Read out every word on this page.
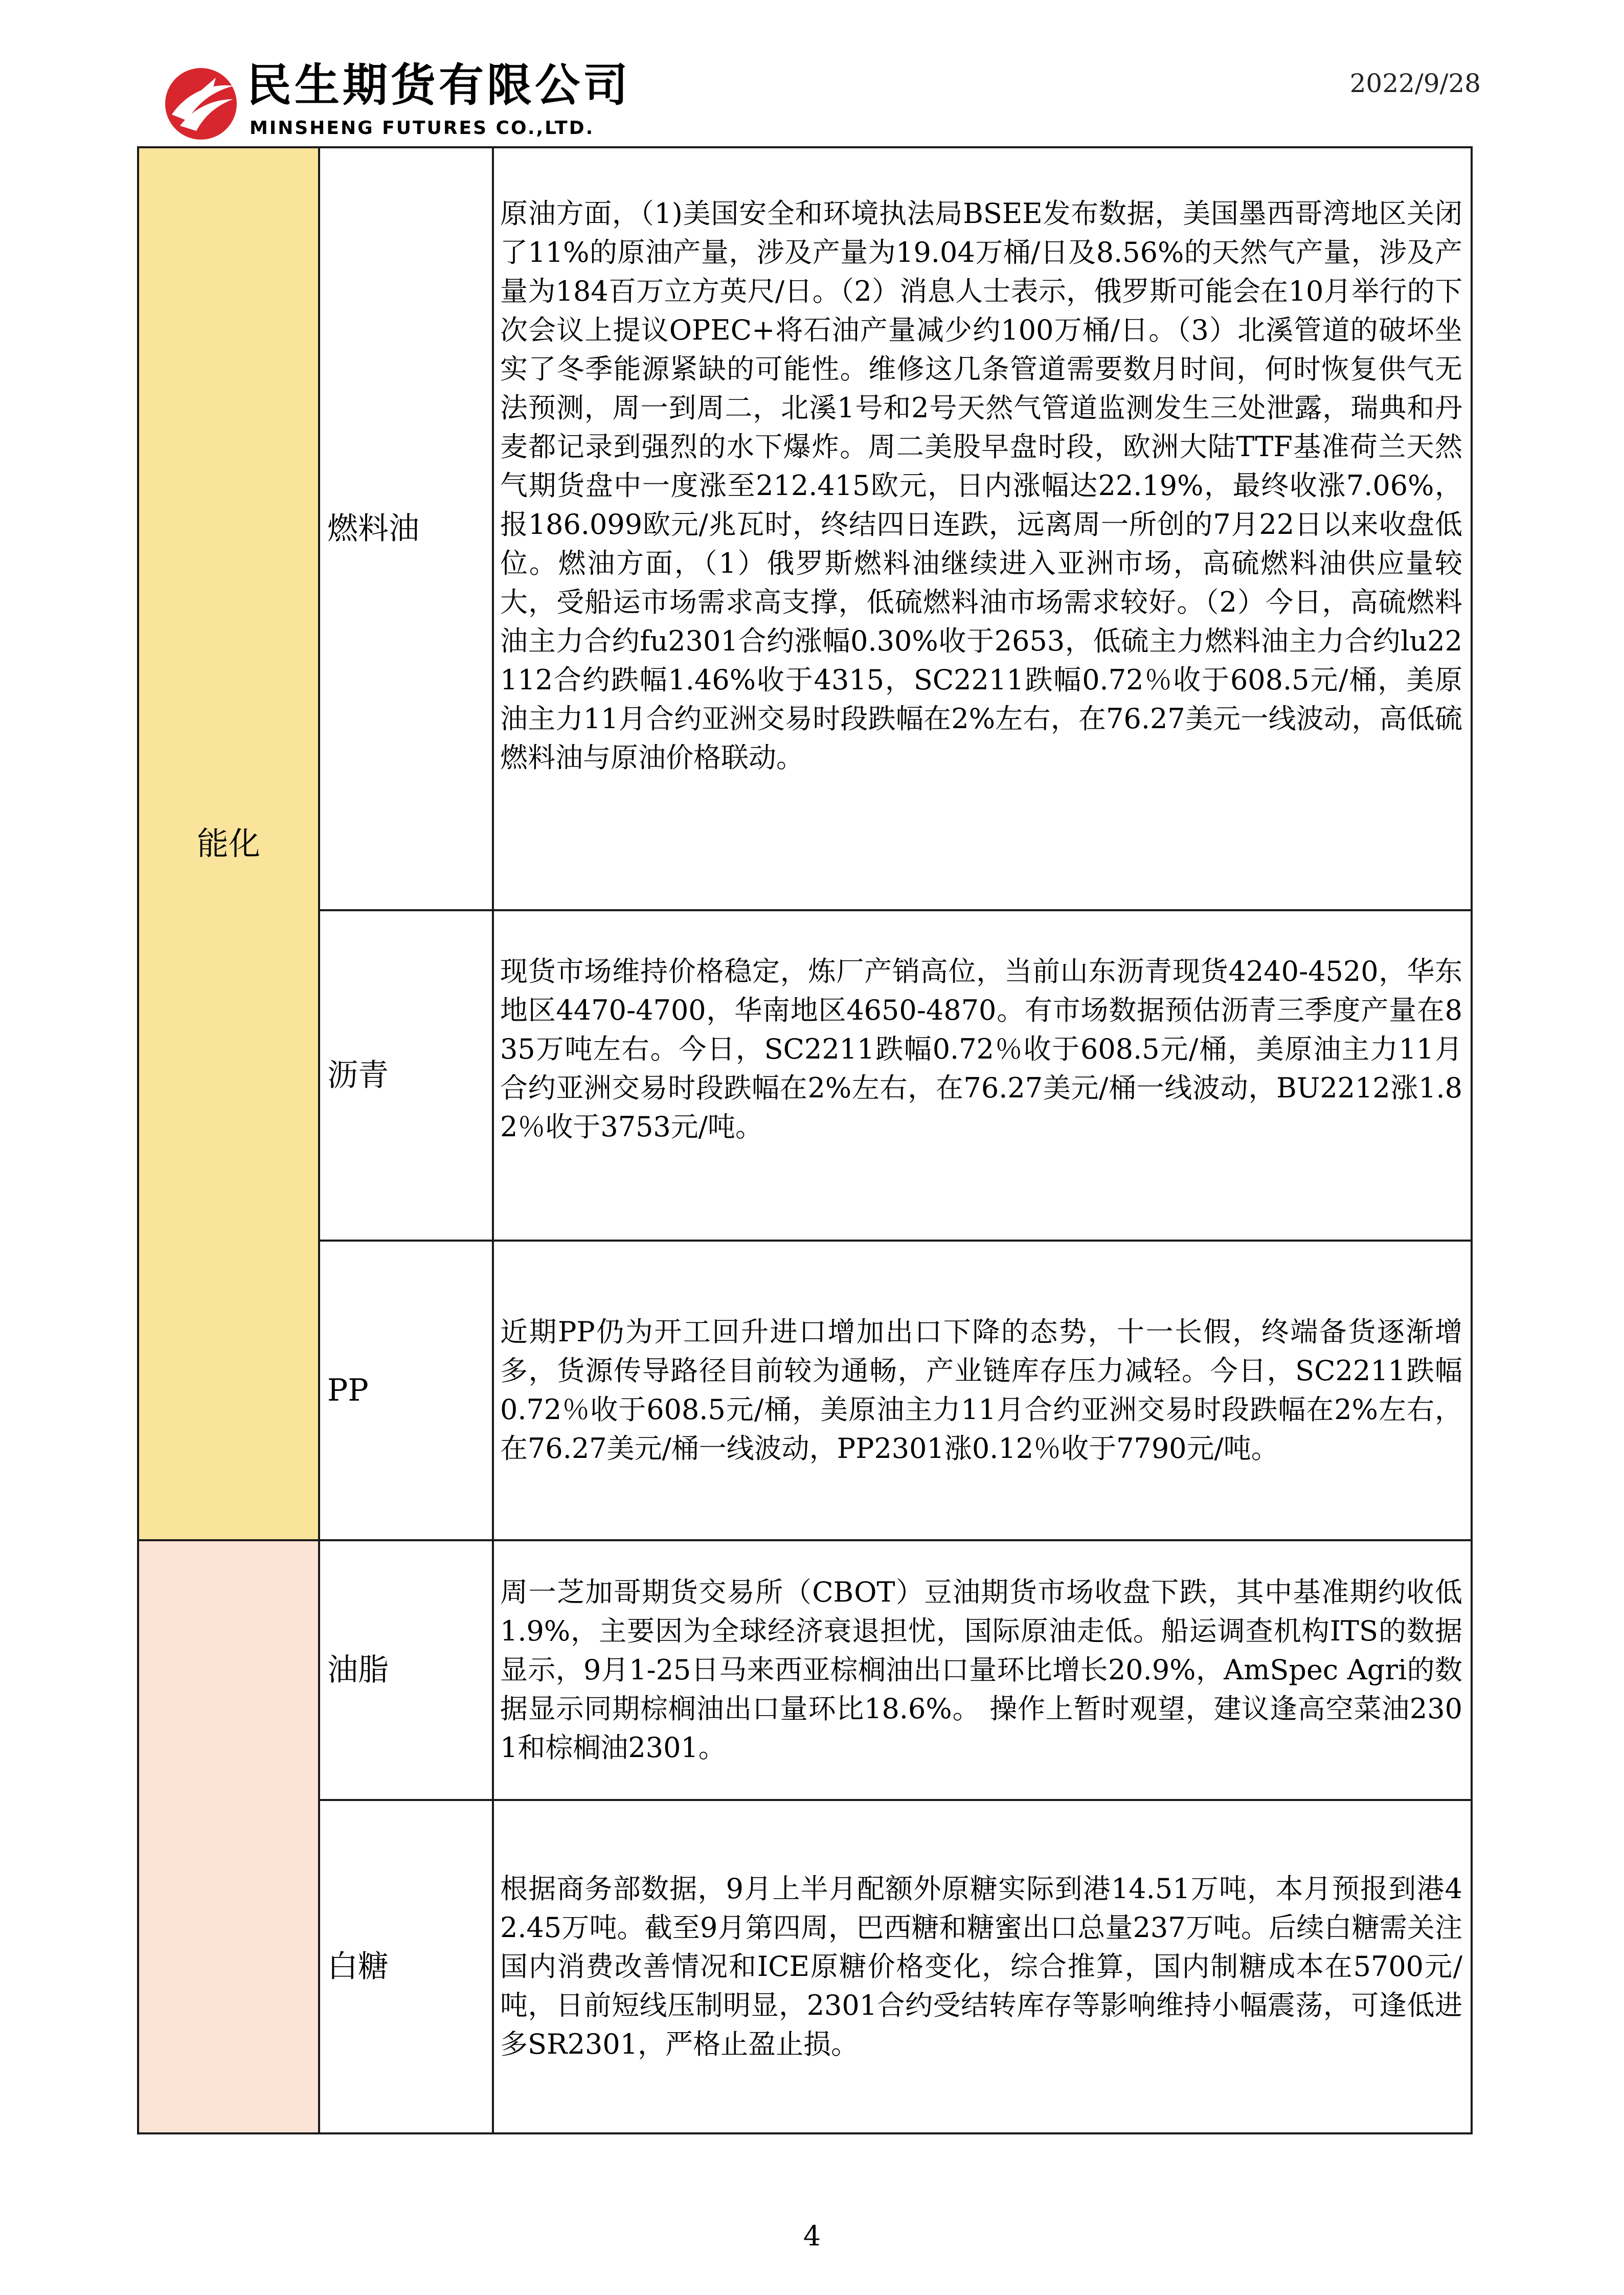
民生期货有限公司
MINSHENG FUTURES CO.,LTD.
2022/9/28
能化	燃料油	原油方面，（1)美国安全和环境执法局BSEE发布数据，美国墨西哥湾地区关闭了11%的原油产量，涉及产量为19.04万桶/日及8.56%的天然气产量，涉及产量为184百万立方英尺/日。（2）消息人士表示，俄罗斯可能会在10月举行的下次会议上提议OPEC+将石油产量减少约100万桶/日。（3）北溪管道的破坏坐实了冬季能源紧缺的可能性。维修这几条管道需要数月时间，何时恢复供气无法预测，周一到周二，北溪1号和2号天然气管道监测发生三处泄露，瑞典和丹麦都记录到强烈的水下爆炸。周二美股早盘时段，欧洲大陆TTF基准荷兰天然气期货盘中一度涨至212.415欧元，日内涨幅达22.19%，最终收涨7.06%，报186.099欧元/兆瓦时，终结四日连跌，远离周一所创的7月22日以来收盘低位。燃油方面，（1）俄罗斯燃料油继续进入亚洲市场，高硫燃料油供应量较大，受船运市场需求高支撑，低硫燃料油市场需求较好。（2）今日，高硫燃料油主力合约fu2301合约涨幅0.30%收于2653，低硫主力燃料油主力合约lu22112合约跌幅1.46%收于4315，SC2211跌幅0.72％收于608.5元/桶，美原油主力11月合约亚洲交易时段跌幅在2%左右，在76.27美元一线波动，高低硫燃料油与原油价格联动。
	沥青	现货市场维持价格稳定，炼厂产销高位，当前山东沥青现货4240-4520，华东地区4470-4700，华南地区4650-4870。有市场数据预估沥青三季度产量在835万吨左右。今日，SC2211跌幅0.72％收于608.5元/桶，美原油主力11月合约亚洲交易时段跌幅在2%左右，在76.27美元/桶一线波动，BU2212涨1.82％收于3753元/吨。
	PP	近期PP仍为开工回升进口增加出口下降的态势，十一长假，终端备货逐渐增多，货源传导路径目前较为通畅，产业链库存压力减轻。今日，SC2211跌幅0.72％收于608.5元/桶，美原油主力11月合约亚洲交易时段跌幅在2%左右，在76.27美元/桶一线波动，PP2301涨0.12％收于7790元/吨。
	油脂	周一芝加哥期货交易所（CBOT）豆油期货市场收盘下跌，其中基准期约收低1.9%，主要因为全球经济衰退担忧，国际原油走低。船运调查机构ITS的数据显示，9月1-25日马来西亚棕榈油出口量环比增长20.9%，AmSpec Agri的数据显示同期棕榈油出口量环比18.6%。 操作上暂时观望，建议逢高空菜油2301和棕榈油2301。
	白糖	根据商务部数据，9月上半月配额外原糖实际到港14.51万吨，本月预报到港42.45万吨。截至9月第四周，巴西糖和糖蜜出口总量237万吨。后续白糖需关注国内消费改善情况和ICE原糖价格变化，综合推算，国内制糖成本在5700元/吨，日前短线压制明显，2301合约受结转库存等影响维持小幅震荡，可逢低进多SR2301，严格止盈止损。
4
